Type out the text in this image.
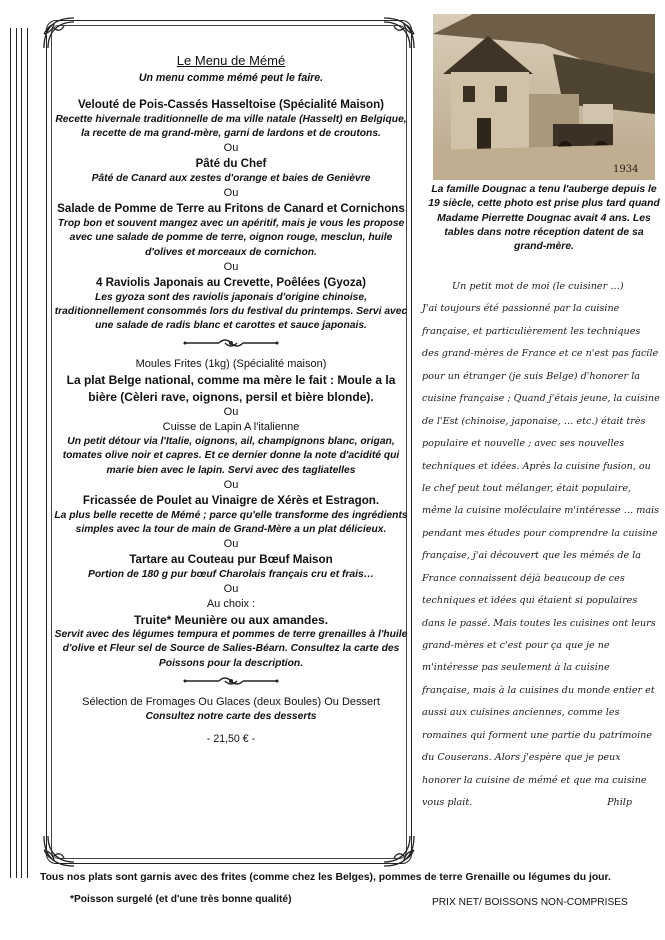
Le Menu de Mémé
Un menu comme mémé peut le faire.
Velouté de Pois-Cassés Hasseltoise (Spécialité Maison)
Recette hivernale traditionnelle de ma ville natale (Hasselt) en Belgique, la recette de ma grand-mère, garni de lardons et de croutons.
Ou
Pâté du Chef
Pâté de Canard aux zestes d'orange et baies de Genièvre
Ou
Salade de Pomme de Terre au Fritons de Canard et Cornichons
Trop bon et souvent mangez avec un apéritif, mais je vous les propose avec une salade de pomme de terre, oignon rouge, mesclun, huile d'olives et morceaux de cornichon.
Ou
4 Raviolis Japonais au Crevette, Poêlées (Gyoza)
Les gyoza sont des raviolis japonais d'origine chinoise, traditionnellement consommés lors du festival du printemps. Servi avec une salade de radis blanc et carottes et sauce japonais.
Moules Frites (1kg) (Spécialité maison)
La plat Belge national, comme ma mère le fait : Moule a la bière (Cèleri rave, oignons, persil et bière blonde).
Ou
Cuisse de Lapin A l'italienne
Un petit détour via l'Italie, oignons, ail, champignons blanc, origan, tomates olive noir et capres. Et ce dernier donne la note d'acidité qui marie bien avec le lapin. Servi avec des tagliatelles
Ou
Fricassée de Poulet au Vinaigre de Xérès et Estragon.
La plus belle recette de Mémé ; parce qu'elle transforme des ingrédients simples avec la tour de main de Grand-Mère a un plat délicieux.
Ou
Tartare au Couteau pur Bœuf Maison
Portion de 180 g pur bœuf Charolais français cru et frais…
Ou
Au choix :
Truite* Meunière ou aux amandes.
Servit avec des légumes tempura et pommes de terre grenailles à l'huile d'olive et Fleur sel de Source de Salies-Béarn. Consultez la carte des Poissons pour la description.
Sélection de Fromages Ou Glaces (deux Boules) Ou Dessert
Consultez notre carte des desserts
- 21,50 € -
1934
La famille Dougnac a tenu l'auberge depuis le 19 siècle, cette photo est prise plus tard quand Madame Pierrette Dougnac avait 4 ans. Les tables dans notre réception datent de sa grand-mère.
Un petit mot de moi (le cuisiner …)
J'ai toujours été passionné par la cuisine française, et particulièrement les techniques des grand-mères de France et ce n'est pas facile pour un étranger (je suis Belge) d'honorer la cuisine française ; Quand j'étais jeune, la cuisine de l'Est (chinoise, japonaise, … etc.) était très populaire et nouvelle ; avec ses nouvelles techniques et idées. Après la cuisine fusion, ou le chef peut tout mélanger, était populaire, même la cuisine moléculaire m'intéresse … mais pendant mes études pour comprendre la cuisine française, j'ai découvert que les mémés de la France connaissent déjà beaucoup de ces techniques et idées qui étaient si populaires dans le passé. Mais toutes les cuisines ont leurs grand-mères et c'est pour ça que je ne m'intéresse pas seulement à la cuisine française, mais à la cuisines du monde entier et aussi aux cuisines anciennes, comme les romaines qui forment une partie du patrimoine du Couserans. Alors j'espère que je peux honorer la cuisine de mémé et que ma cuisine vous plait.	Philp
Tous nos plats sont garnis avec des frites (comme chez les Belges), pommes de terre Grenaille ou légumes du jour.
*Poisson surgelé (et d'une très bonne qualité)	PRIX NET/ BOISSONS NON-COMPRISES
